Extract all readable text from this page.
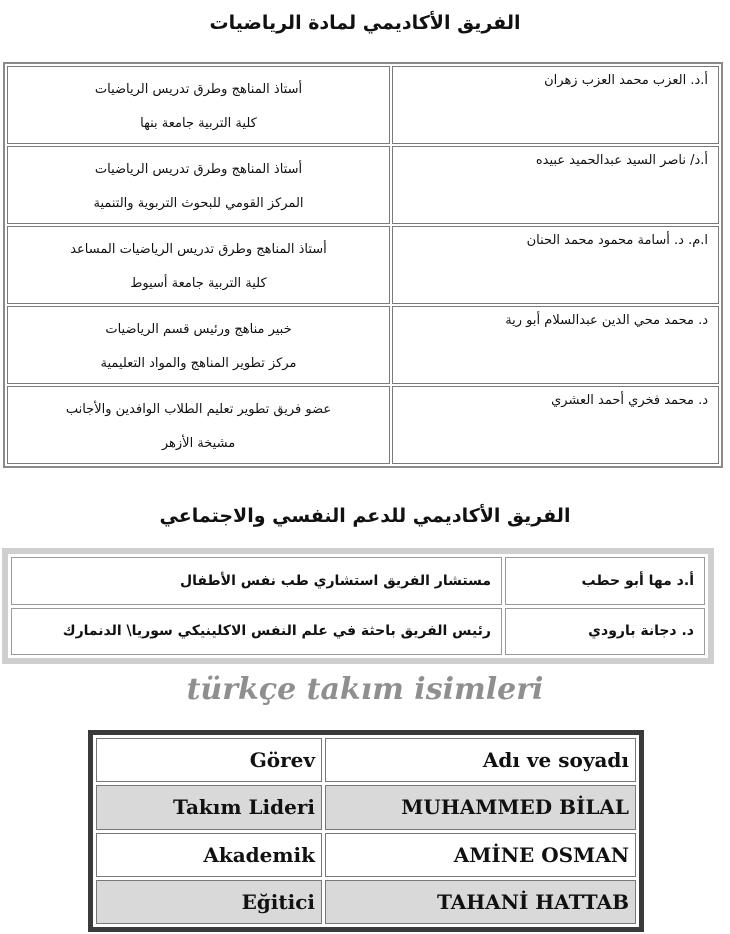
الفريق الأكاديمي لمادة الرياضيات
أ.د. العزب محمد العزب زهران	أستاذ المناهج وطرق تدريس الرياضيات
كلية التربية جامعة بنها

أ.د/ ناصر السيد عبدالحميد عبيده	أستاذ المناهج وطرق تدريس الرياضيات
المركز القومي للبحوث التربوية والتنمية

ا.م. د. أسامة محمود محمد الحنان	أستاذ المناهج وطرق تدريس الرياضيات المساعد
كلية التربية جامعة أسيوط

د. محمد محي الدين عبدالسلام أبو رية	خبير مناهج ورئيس قسم الرياضيات
مركز تطوير المناهج والمواد التعليمية

د. محمد فخري أحمد العشري	عضو فريق تطوير تعليم الطلاب الوافدين والأجانب
مشيخة الأزهر
الفريق الأكاديمي للدعم النفسي والاجتماعي
أ.د مها أبو حطب	مستشار الفريق استشاري طب نفس الأطفال
د. دجانة بارودي	رئيس الفريق باحثة في علم النفس الاكلينيكي سوريا\ الدنمارك
türkçe takım isimleri
Görev	Adı ve soyadı
Takım Lideri	MUHAMMED BİLAL
Akademik	AMİNE OSMAN
Eğitici	TAHANİ HATTAB
